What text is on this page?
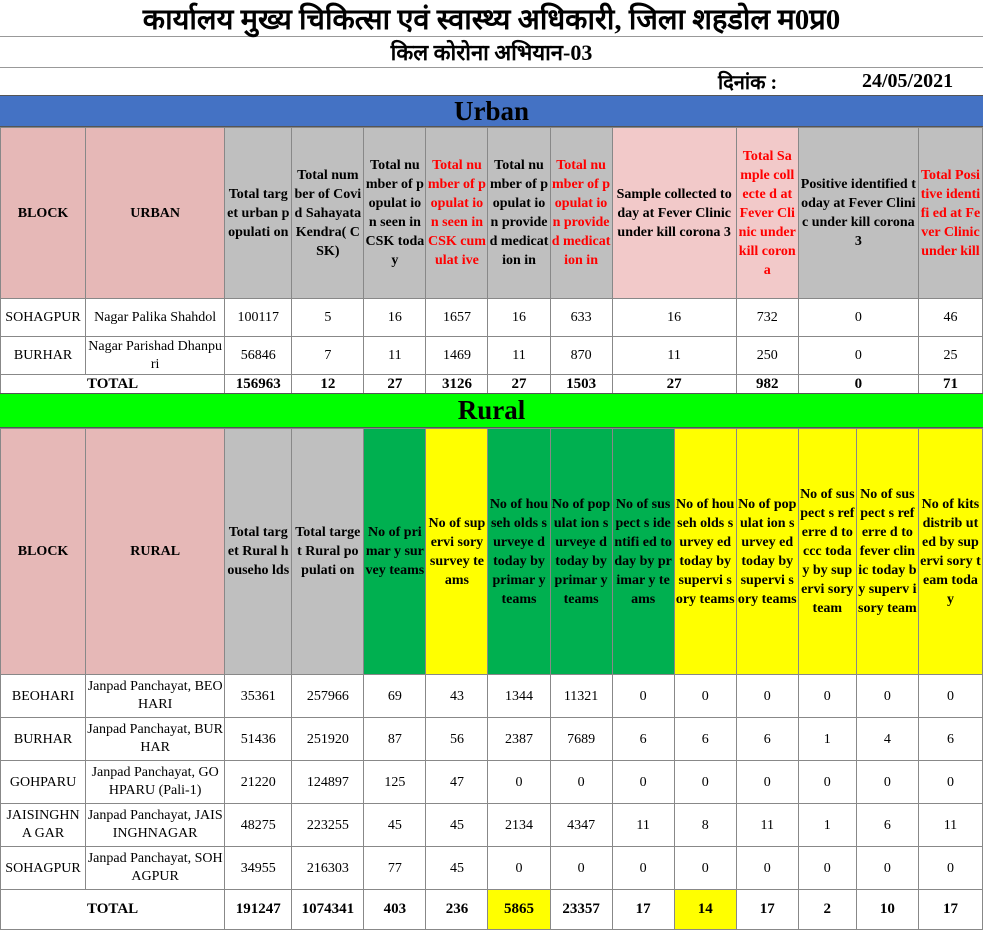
कार्यालय मुख्य चिकित्सा एवं स्वास्थ्य अधिकारी, जिला शहडोल म0प्र0
किल कोरोना अभियान-03
दिनांक :	24/05/2021
Urban
BLOCK	URBAN	Total target urban populati on	Total number of Covid Sahayata Kendra( CSK)	Total number of populat ion seen in CSK today	Total number of populat ion seen in CSK cumulat ive	Total number of populat ion provide d medicat ion in	Total number of populat ion provide d medicat ion in	Sample collected today at Fever Clinic under kill corona 3	Total Sample collecte d at Fever Clinic under kill corona	Positive identified today at Fever Clinic under kill corona 3	Total Positive identifi ed at Fever Clinic under kill
SOHAGPUR	Nagar Palika Shahdol	100117	5	16	1657	16	633	16	732	0	46
BURHAR	Nagar Parishad Dhanpuri	56846	7	11	1469	11	870	11	250	0	25
TOTAL		156963	12	27	3126	27	1503	27	982	0	71
Rural
BLOCK	RURAL	Total target Rural househo lds	Total target Rural populati on	No of primar y survey teams	No of supervi sory survey teams	No of househ olds surveye d today by primar y teams	No of populat ion surveye d today by primar y teams	No of suspect s identifi ed today by primar y teams	No of househ olds survey ed today by supervi sory teams	No of populat ion survey ed today by supervi sory teams	No of suspect s referre d to ccc today by supervi sory team	No of suspect s referre d to fever clinic today by superv isory team	No of kits distrib uted by supervi sory team today
BEOHARI	Janpad Panchayat, BEOHARI	35361	257966	69	43	1344	11321	0	0	0	0	0	0
BURHAR	Janpad Panchayat, BURHAR	51436	251920	87	56	2387	7689	6	6	6	1	4	6
GOHPARU	Janpad Panchayat, GOHPARU (Pali-1)	21220	124897	125	47	0	0	0	0	0	0	0	0
JAISINGHNA GAR	Janpad Panchayat, JAISINGHNAGAR	48275	223255	45	45	2134	4347	11	8	11	1	6	11
SOHAGPUR	Janpad Panchayat, SOHAGPUR	34955	216303	77	45	0	0	0	0	0	0	0	0
TOTAL		191247	1074341	403	236	5865	23357	17	14	17	2	10	17
